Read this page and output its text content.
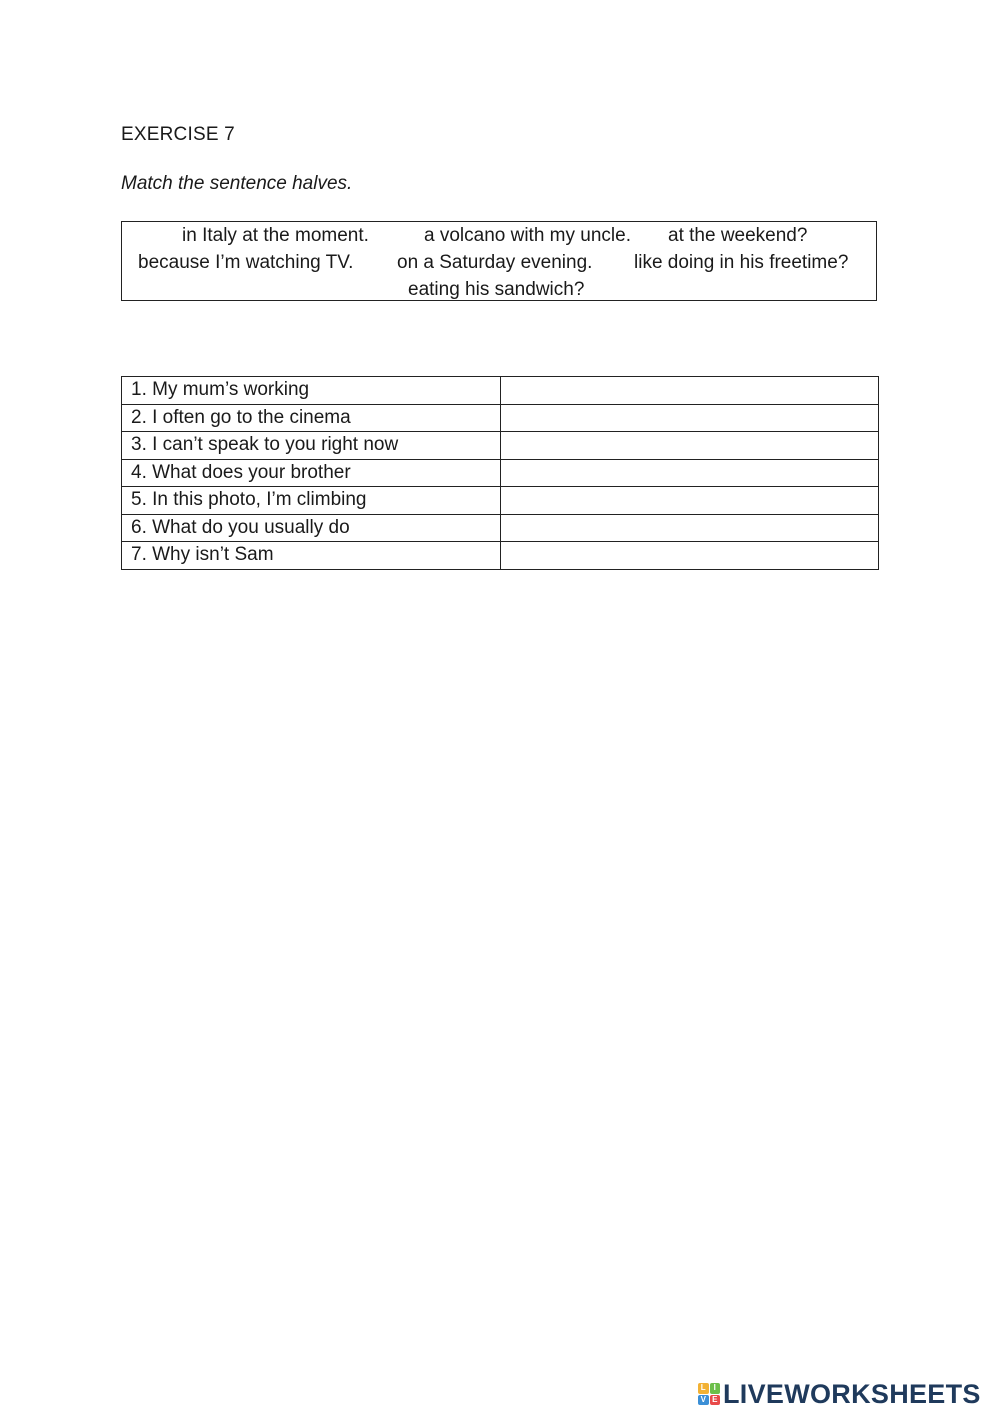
EXERCISE 7
Match the sentence halves.
in Italy at the moment.	a volcano with my uncle. at the weekend?
because I’m watching TV. on a Saturday evening. like doing in his freetime?
eating his sandwich?
1. My mum’s working	
2. I often go to the cinema	
3. I can’t speak to you right now	
4. What does your brother	
5. In this photo, I’m climbing	
6. What do you usually do	
7. Why isn’t Sam	
L I
V E LIVEWORKSHEETS
